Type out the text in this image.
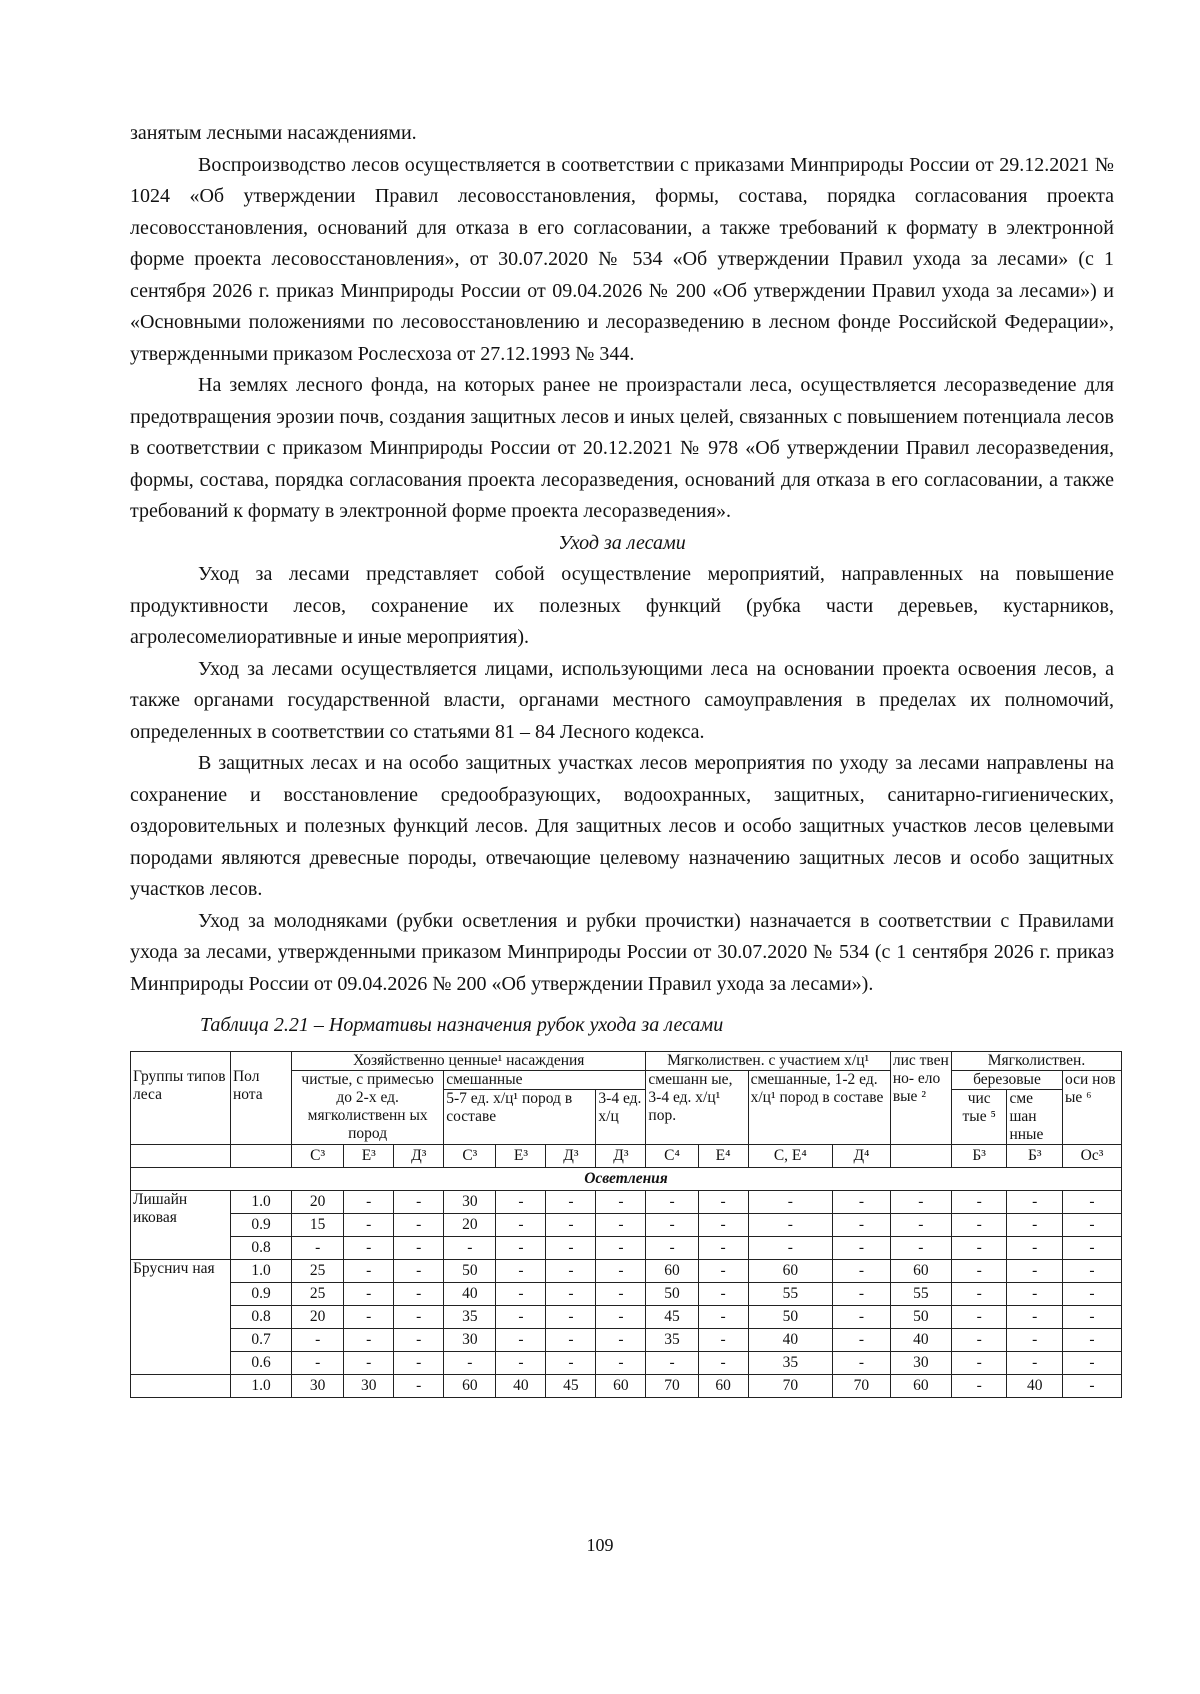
занятым лесными насаждениями.

Воспроизводство лесов осуществляется в соответствии с приказами Минприроды России от 29.12.2021 № 1024 «Об утверждении Правил лесовосстановления, формы, состава, порядка согласования проекта лесовосстановления, оснований для отказа в его согласовании, а также требований к формату в электронной форме проекта лесовосстановления», от 30.07.2020 № 534 «Об утверждении Правил ухода за лесами» (с 1 сентября 2026 г. приказ Минприроды России от 09.04.2026 № 200 «Об утверждении Правил ухода за лесами») и «Основными положениями по лесовосстановлению и лесоразведению в лесном фонде Российской Федерации», утвержденными приказом Рослесхоза от 27.12.1993 № 344.

На землях лесного фонда, на которых ранее не произрастали леса, осуществляется лесоразведение для предотвращения эрозии почв, создания защитных лесов и иных целей, связанных с повышением потенциала лесов в соответствии с приказом Минприроды России от 20.12.2021 № 978 «Об утверждении Правил лесоразведения, формы, состава, порядка согласования проекта лесоразведения, оснований для отказа в его согласовании, а также требований к формату в электронной форме проекта лесоразведения».

Уход за лесами

Уход за лесами представляет собой осуществление мероприятий, направленных на повышение продуктивности лесов, сохранение их полезных функций (рубка части деревьев, кустарников, агролесомелиоративные и иные мероприятия).

Уход за лесами осуществляется лицами, использующими леса на основании проекта освоения лесов, а также органами государственной власти, органами местного самоуправления в пределах их полномочий, определенных в соответствии со статьями 81 – 84 Лесного кодекса.

В защитных лесах и на особо защитных участках лесов мероприятия по уходу за лесами направлены на сохранение и восстановление средообразующих, водоохранных, защитных, санитарно-гигиенических, оздоровительных и полезных функций лесов. Для защитных лесов и особо защитных участков лесов целевыми породами являются древесные породы, отвечающие целевому назначению защитных лесов и особо защитных участков лесов.

Уход за молодняками (рубки осветления и рубки прочистки) назначается в соответствии с Правилами ухода за лесами, утвержденными приказом Минприроды России от 30.07.2020 № 534 (с 1 сентября 2026 г. приказ Минприроды России от 09.04.2026 № 200 «Об утверждении Правил ухода за лесами»).

Таблица 2.21 – Нормативы назначения рубок ухода за лесами
Группы типов леса	Пол нота	Хозяйственно ценные¹ насаждения							Мягколиствен. с участием х/ц¹				лис твен но- ело вые ²	Мягколиствен.		
		чистые, с примесью до 2-х ед. мягколиственн ых пород			смешанные				смешанн ые, 3-4 ед. х/ц¹ пор.		смешанные, 1-2 ед. х/ц¹ пород в составе			березовые		оси нов ые ⁶
					5-7 ед. х/ц¹ пород в составе			3-4 ед. х/ц						чис тые ⁵	сме шан нные	

		С³	Е³	Д³	С³	Е³	Д³	Д³	С⁴	Е⁴	С, Е⁴	Д⁴		Б³	Б³	Ос³
Осветления																
Лишайн иковая	1.0	20	-	-	30	-	-	-	-	-	-	-	-	-	-	-
	0.9	15	-	-	20	-	-	-	-	-	-	-	-	-	-	-
	0.8	-	-	-	-	-	-	-	-	-	-	-	-	-	-	-
Бруснич ная	1.0	25	-	-	50	-	-	-	60	-	60	-	60	-	-	-
	0.9	25	-	-	40	-	-	-	50	-	55	-	55	-	-	-
	0.8	20	-	-	35	-	-	-	45	-	50	-	50	-	-	-
	0.7	-	-	-	30	-	-	-	35	-	40	-	40	-	-	-
	0.6	-	-	-	-	-	-	-	-	-	35	-	30	-	-	-
	1.0	30	30	-	60	40	45	60	70	60	70	70	60	-	40	-
109
